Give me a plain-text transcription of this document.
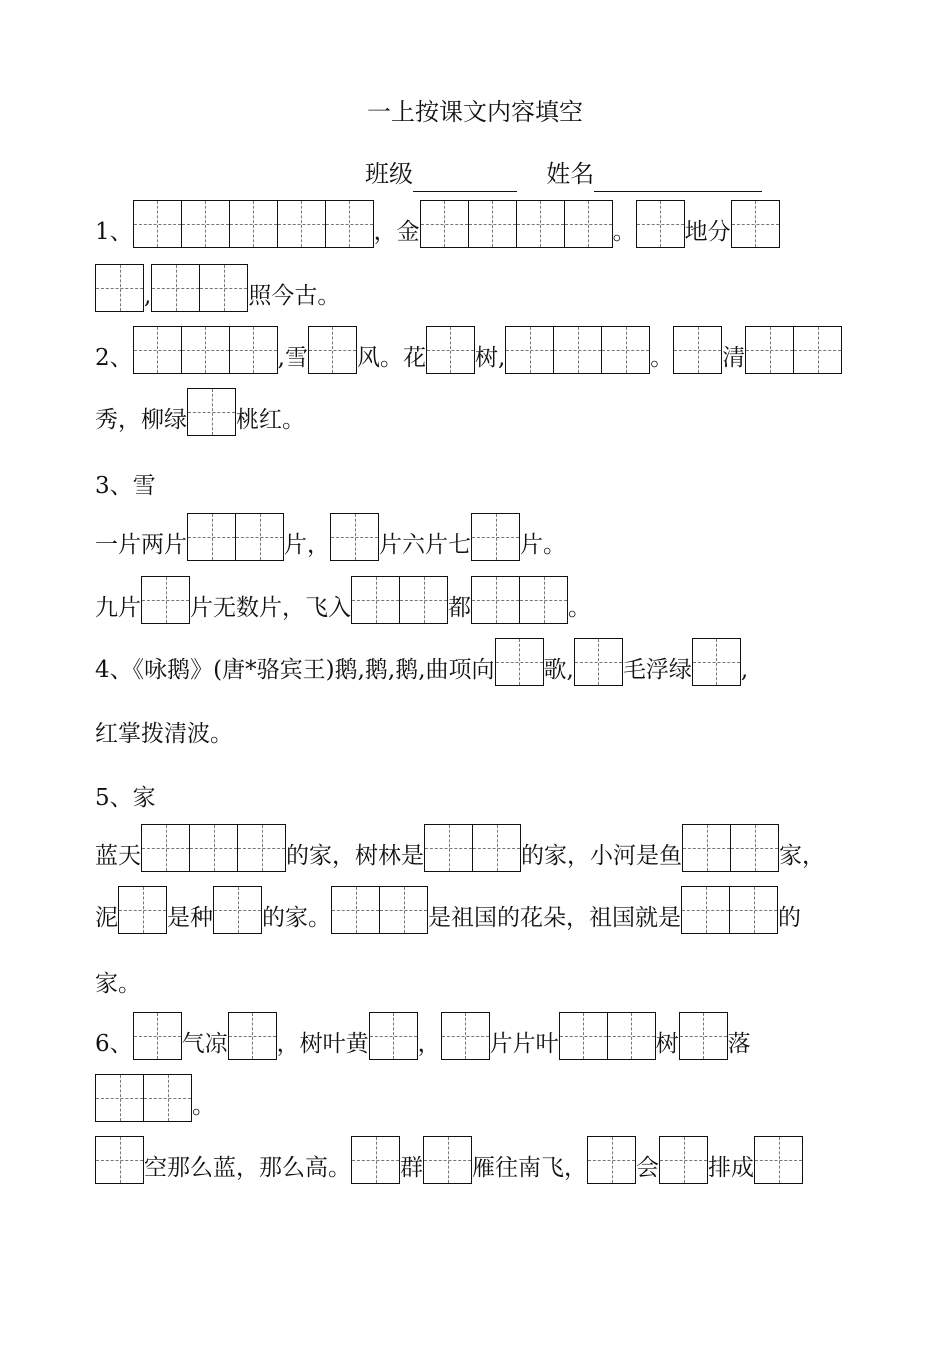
一上按课文内容填空
班级	姓名
1、	，金	。 地分
,	照今古。
2、	,雪 风。花 树,	。 清
秀，柳绿 桃红。
3、雪
一片两片	片， 片六片七 片。
九片 片无数片，飞入	都	。
4、《咏鹅》(唐*骆宾王)鹅,鹅,鹅,曲项向 歌, 毛浮绿 ,
红掌拨清波。
5、家
蓝天	的家，树林是	的家，小河是鱼	家，
泥 是种 的家。	是祖国的花朵，祖国就是	的
家。
6、 气凉 ，树叶黄 ， 片片叶	树 落
。
空那么蓝，那么高。 群 雁往南飞， 会 排成
